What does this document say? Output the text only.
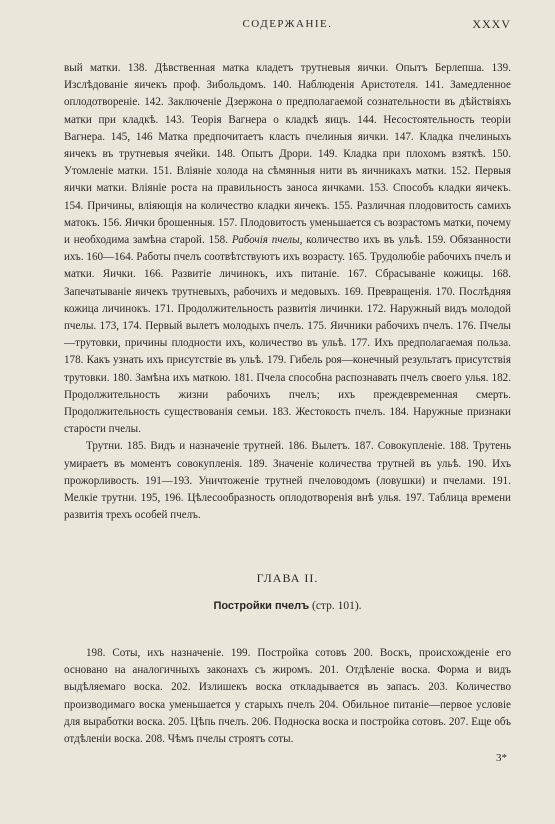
СОДЕРЖАНІЕ.	XXXV

вый матки. 138. Дѣвственная матка кладетъ трутневыя яички. Опытъ Берлепша. 139. Изслѣдованіе яичекъ проф. Зибольдомъ. 140. Наблюденія Аристотеля. 141. Замедленное оплодотвореніе. 142. Заключеніе Дзержона о предполагаемой сознательности въ дѣйствіяхъ матки при кладкѣ. 143. Теорія Вагнера о кладкѣ яицъ. 144. Несостоятельность теоріи Вагнера. 145, 146 Матка предпочитаетъ класть пчелиныя яички. 147. Кладка пчелиныхъ яичекъ въ трутневыя ячейки. 148. Опытъ Дрори. 149. Кладка при плохомъ взяткѣ. 150. Утомленіе матки. 151. Вліяніе холода на сѣмянныя нити въ яичникахъ матки. 152. Первыя яички матки. Вліяніе роста на правильность заноса яичками. 153. Способъ кладки яичекъ. 154. Причины, вліяющія на количество кладки яичекъ. 155. Различная плодовитость самихъ матокъ. 156. Яички брошенныя. 157. Плодовитость уменьшается съ возрастомъ матки, почему и необходима замѣна старой. 158. Рабочія пчелы, количество ихъ въ ульѣ. 159. Обязанности ихъ. 160—164. Работы пчелъ соотвѣтствуютъ ихъ возрасту. 165. Трудолюбіе рабочихъ пчелъ и матки. Яички. 166. Развитіе личинокъ, ихъ питаніе. 167. Сбрасываніе кожицы. 168. Запечатываніе яичекъ трутневыхъ, рабочихъ и медовыхъ. 169. Превращенія. 170. Послѣдняя кожица личинокъ. 171. Продолжительность развитія личинки. 172. Наружный видъ молодой пчелы. 173, 174. Первый вылетъ молодыхъ пчелъ. 175. Яичники рабочихъ пчелъ. 176. Пчелы—трутовки, причины плодности ихъ, количество въ ульѣ. 177. Ихъ предполагаемая польза. 178. Какъ узнать ихъ присутствіе въ ульѣ. 179. Гибель роя—конечный результатъ присутствія трутовки. 180. Замѣна ихъ маткою. 181. Пчела способна распознавать пчелъ своего улья. 182. Продолжительность жизни рабочихъ пчелъ; ихъ преждевременная смерть. Продолжительность существованія семьи. 183. Жестокость пчелъ. 184. Наружные признаки старости пчелы.

Трутни. 185. Видъ и назначеніе трутней. 186. Вылетъ. 187. Совокупленіе. 188. Трутень умираетъ въ моментъ совокупленія. 189. Значеніе количества трутней въ ульѣ. 190. Ихъ прожорливость. 191—193. Уничтоженіе трутней пчеловодомъ (ловушки) и пчелами. 191. Мелкіе трутни. 195, 196. Цѣлесообразность оплодотворенія внѣ улья. 197. Таблица времени развитія трехъ особей пчелъ.

ГЛАВА II.
Постройки пчелъ (стр. 101).

198. Соты, ихъ назначеніе. 199. Постройка сотовъ 200. Воскъ, происхожденіе его основано на аналогичныхъ законахъ съ жиромъ. 201. Отдѣленіе воска. Форма и видъ выдѣляемаго воска. 202. Излишекъ воска откладывается въ запасъ. 203. Количество производимаго воска уменьшается у старыхъ пчелъ 204. Обильное питаніе—первое условіе для выработки воска. 205. Цѣпь пчелъ. 206. Подноска воска и постройка сотовъ. 207. Еще объ отдѣленіи воска. 208. Чѣмъ пчелы строятъ соты.

3*
